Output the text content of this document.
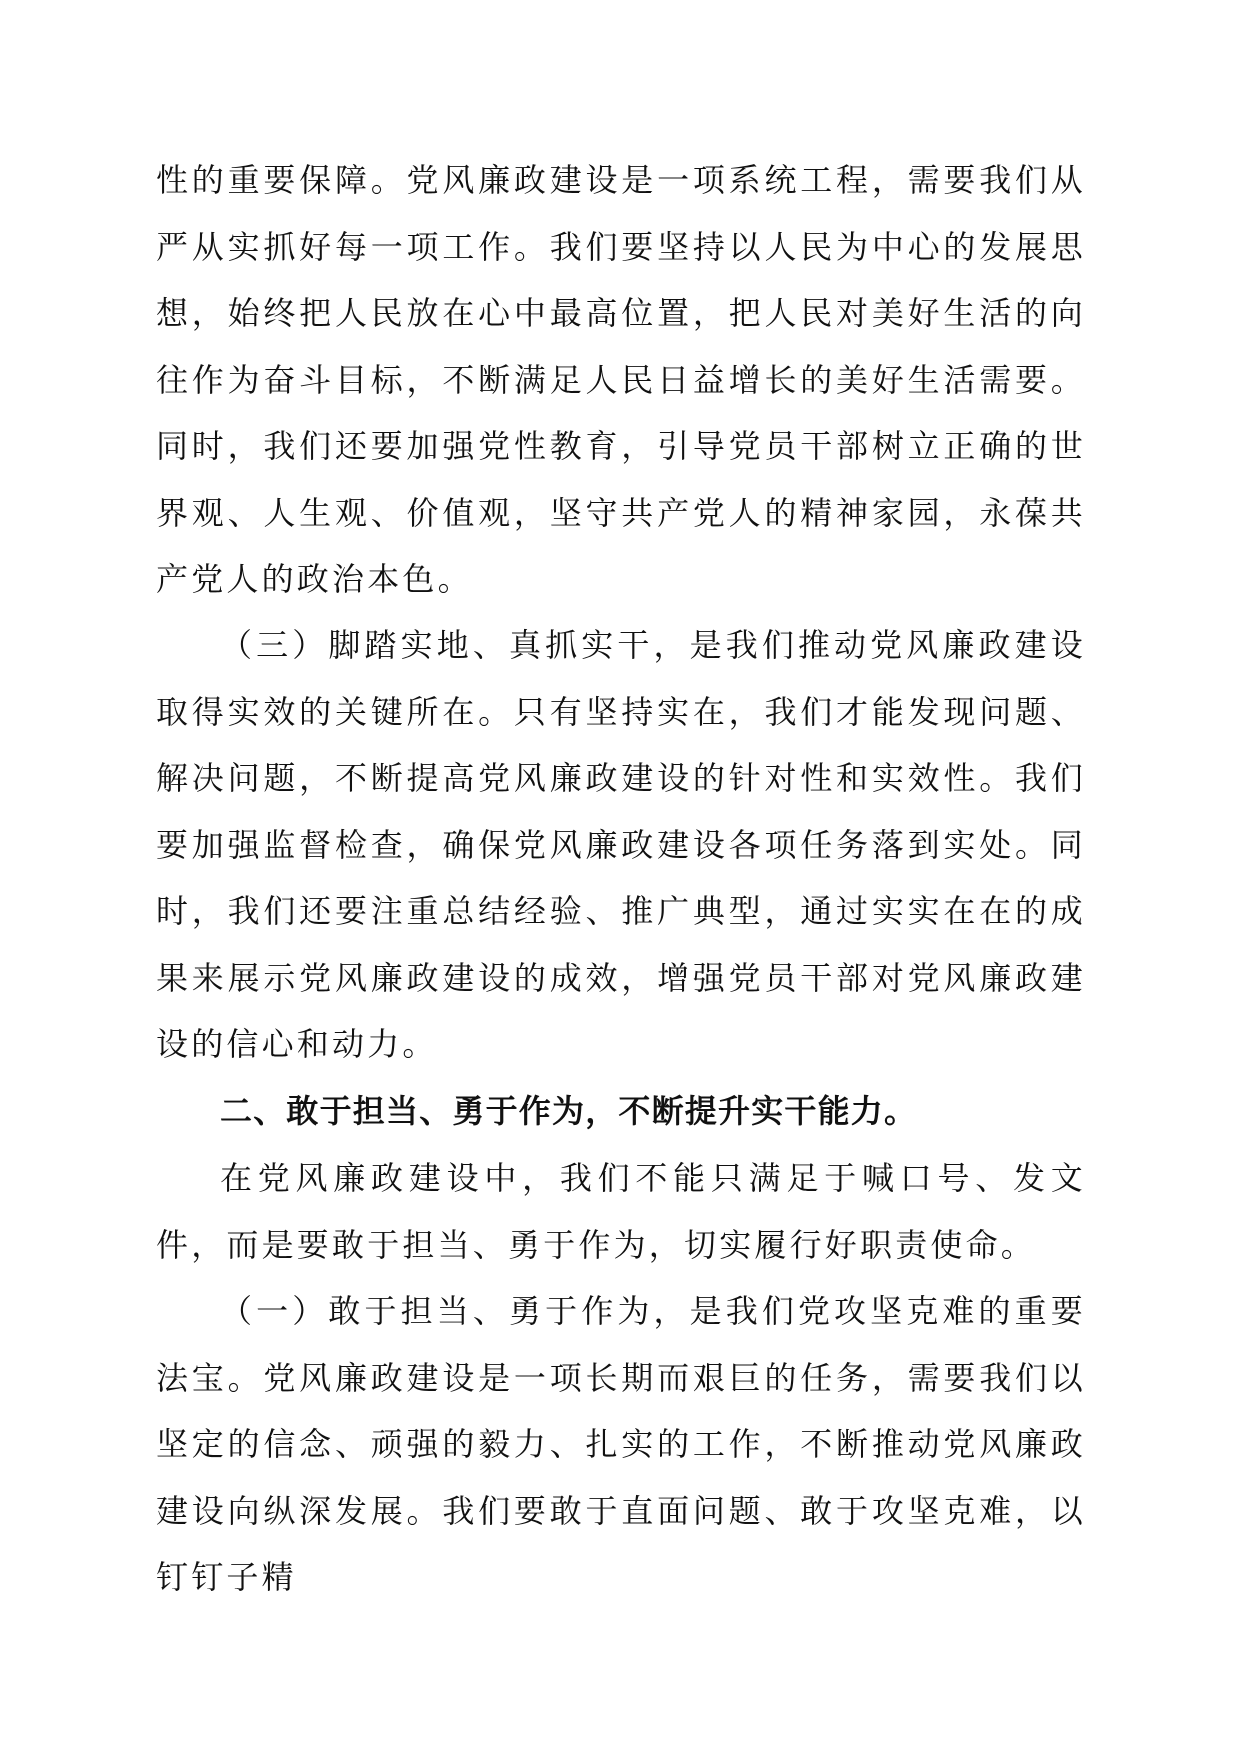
性的重要保障。党风廉政建设是一项系统工程，需要我们从严从实抓好每一项工作。我们要坚持以人民为中心的发展思想，始终把人民放在心中最高位置，把人民对美好生活的向往作为奋斗目标，不断满足人民日益增长的美好生活需要。同时，我们还要加强党性教育，引导党员干部树立正确的世界观、人生观、价值观，坚守共产党人的精神家园，永葆共产党人的政治本色。

（三）脚踏实地、真抓实干，是我们推动党风廉政建设取得实效的关键所在。只有坚持实在，我们才能发现问题、解决问题，不断提高党风廉政建设的针对性和实效性。我们要加强监督检查，确保党风廉政建设各项任务落到实处。同时，我们还要注重总结经验、推广典型，通过实实在在的成果来展示党风廉政建设的成效，增强党员干部对党风廉政建设的信心和动力。

二、敢于担当、勇于作为，不断提升实干能力。

在党风廉政建设中，我们不能只满足于喊口号、发文件，而是要敢于担当、勇于作为，切实履行好职责使命。

（一）敢于担当、勇于作为，是我们党攻坚克难的重要法宝。党风廉政建设是一项长期而艰巨的任务，需要我们以坚定的信念、顽强的毅力、扎实的工作，不断推动党风廉政建设向纵深发展。我们要敢于直面问题、敢于攻坚克难，以钉钉子精
